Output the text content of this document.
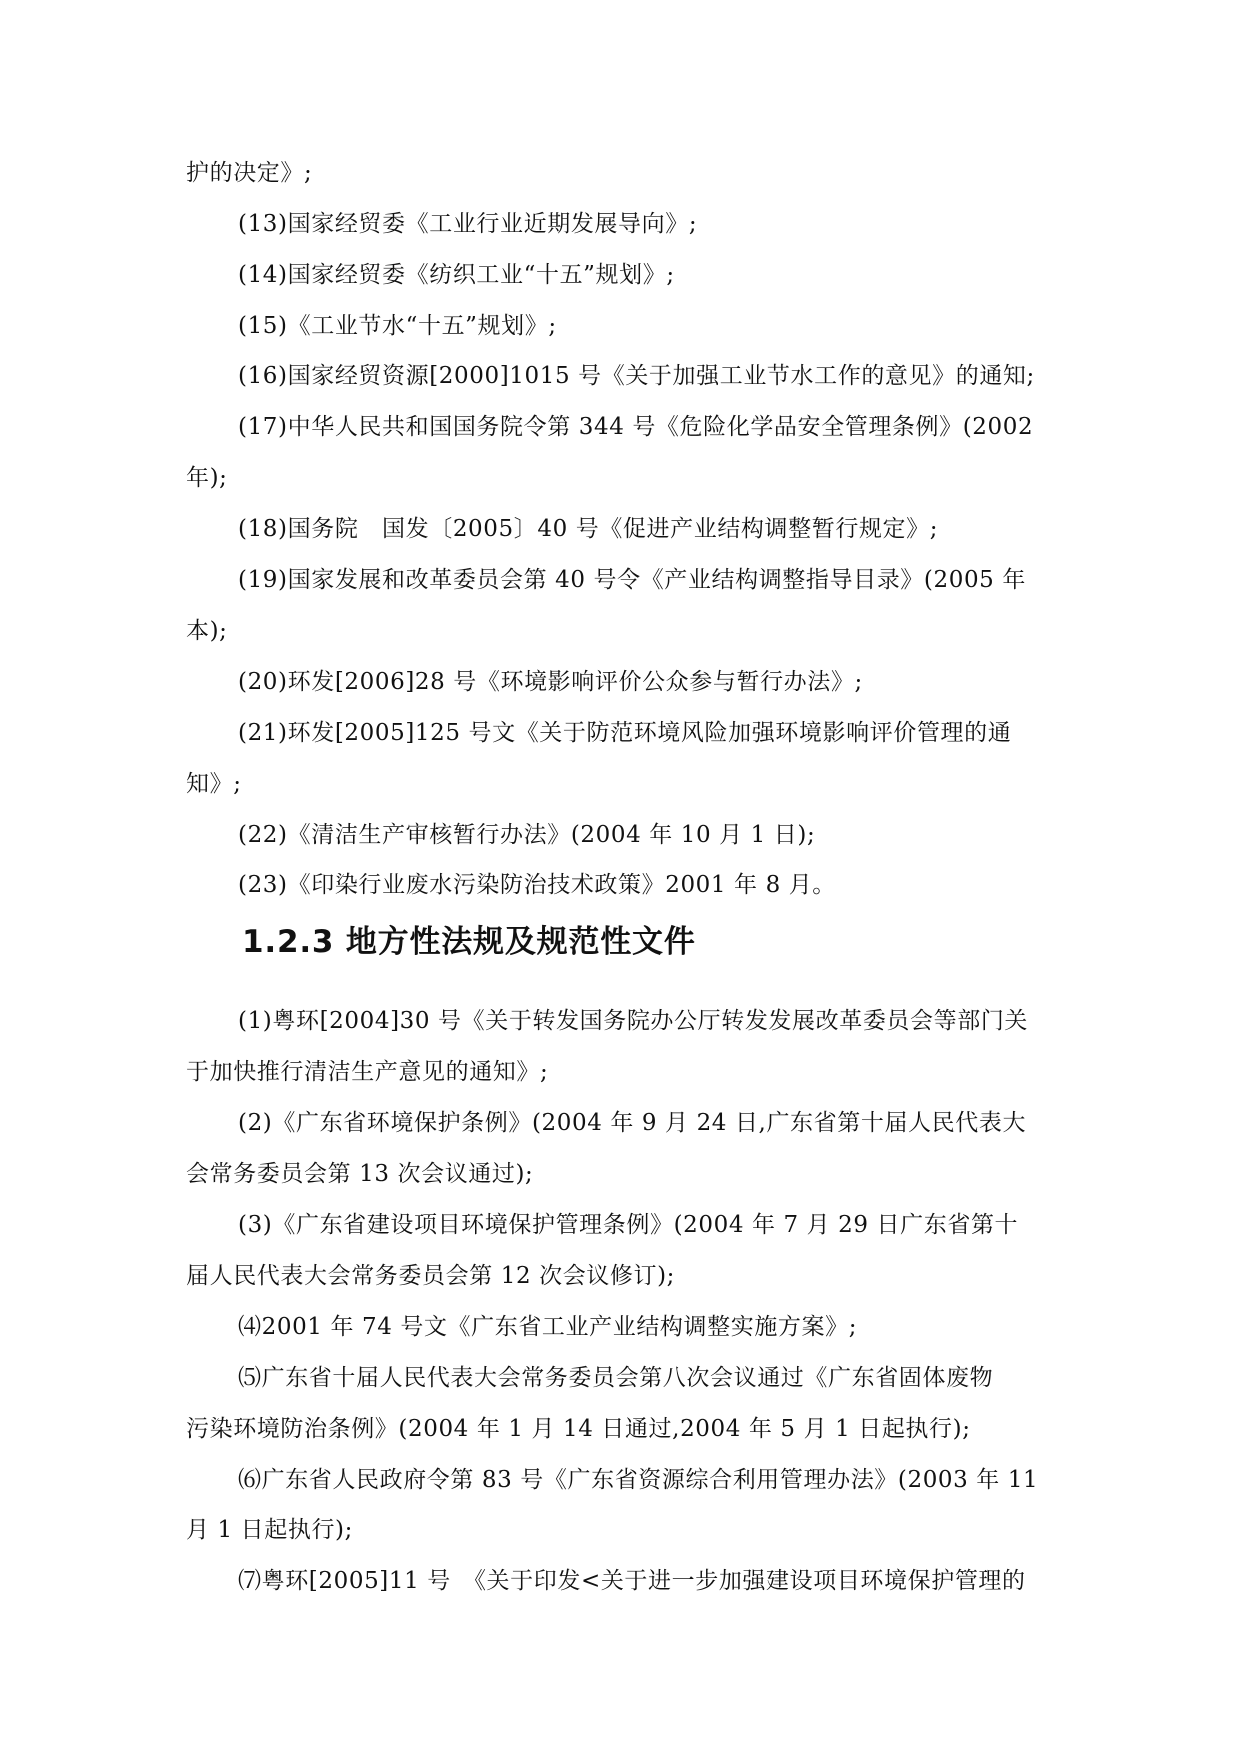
护的决定》;
(13)国家经贸委《工业行业近期发展导向》;
(14)国家经贸委《纺织工业“十五”规划》;
(15)《工业节水“十五”规划》;
(16)国家经贸资源[2000]1015 号《关于加强工业节水工作的意见》的通知;
(17)中华人民共和国国务院令第 344 号《危险化学品安全管理条例》(2002
年);
(18)国务院　国发〔2005〕40 号《促进产业结构调整暂行规定》;
(19)国家发展和改革委员会第 40 号令《产业结构调整指导目录》(2005 年
本);
(20)环发[2006]28 号《环境影响评价公众参与暂行办法》;
(21)环发[2005]125 号文《关于防范环境风险加强环境影响评价管理的通
知》;
(22)《清洁生产审核暂行办法》(2004 年 10 月 1 日);
(23)《印染行业废水污染防治技术政策》2001 年 8 月。
1.2.3 地方性法规及规范性文件
(1)粤环[2004]30 号《关于转发国务院办公厅转发发展改革委员会等部门关
于加快推行清洁生产意见的通知》;
(2)《广东省环境保护条例》(2004 年 9 月 24 日,广东省第十届人民代表大
会常务委员会第 13 次会议通过);
(3)《广东省建设项目环境保护管理条例》(2004 年 7 月 29 日广东省第十
届人民代表大会常务委员会第 12 次会议修订);
⑷2001 年 74 号文《广东省工业产业结构调整实施方案》;
⑸广东省十届人民代表大会常务委员会第八次会议通过《广东省固体废物
污染环境防治条例》(2004 年 1 月 14 日通过,2004 年 5 月 1 日起执行);
⑹广东省人民政府令第 83 号《广东省资源综合利用管理办法》(2003 年 11
月 1 日起执行);
⑺粤环[2005]11 号　《关于印发<关于进一步加强建设项目环境保护管理的
